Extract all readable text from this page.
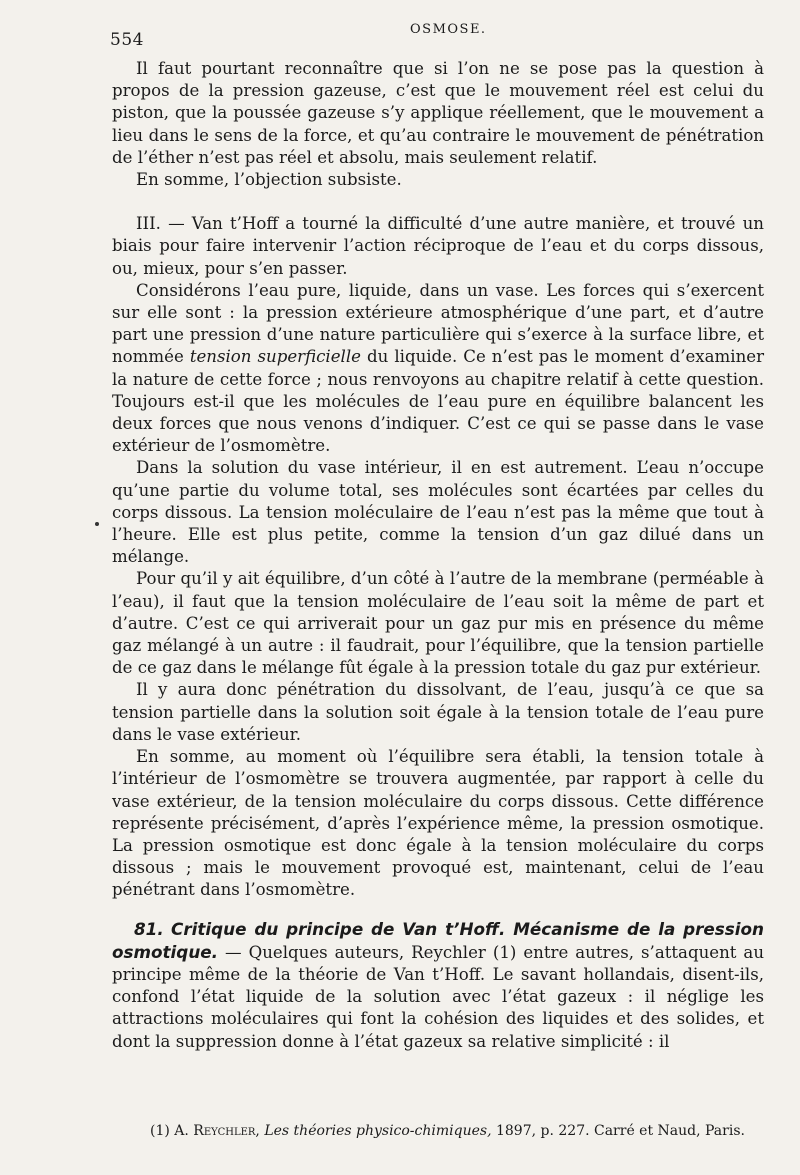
554
OSMOSE.

Il faut pourtant reconnaître que si l’on ne se pose pas la question à propos de la pression gazeuse, c’est que le mouvement réel est celui du piston, que la poussée gazeuse s’y applique réellement, que le mouvement a lieu dans le sens de la force, et qu’au contraire le mouvement de pénétration de l’éther n’est pas réel et absolu, mais seulement relatif.

En somme, l’objection subsiste.

III. — Van t’Hoff a tourné la difficulté d’une autre manière, et trouvé un biais pour faire intervenir l’action réciproque de l’eau et du corps dissous, ou, mieux, pour s’en passer.

Considérons l’eau pure, liquide, dans un vase. Les forces qui s’exercent sur elle sont : la pression extérieure atmosphérique d’une part, et d’autre part une pression d’une nature particulière qui s’exerce à la surface libre, et nommée tension superficielle du liquide. Ce n’est pas le moment d’examiner la nature de cette force ; nous renvoyons au chapitre relatif à cette question. Toujours est-il que les molécules de l’eau pure en équilibre balancent les deux forces que nous venons d’indiquer. C’est ce qui se passe dans le vase extérieur de l’osmomètre.

Dans la solution du vase intérieur, il en est autrement. L’eau n’occupe qu’une partie du volume total, ses molécules sont écartées par celles du corps dissous. La tension moléculaire de l’eau n’est pas la même que tout à l’heure. Elle est plus petite, comme la tension d’un gaz dilué dans un mélange.

Pour qu’il y ait équilibre, d’un côté à l’autre de la membrane (perméable à l’eau), il faut que la tension moléculaire de l’eau soit la même de part et d’autre. C’est ce qui arriverait pour un gaz pur mis en présence du même gaz mélangé à un autre : il faudrait, pour l’équilibre, que la tension partielle de ce gaz dans le mélange fût égale à la pression totale du gaz pur extérieur.

Il y aura donc pénétration du dissolvant, de l’eau, jusqu’à ce que sa tension partielle dans la solution soit égale à la tension totale de l’eau pure dans le vase extérieur.

En somme, au moment où l’équilibre sera établi, la tension totale à l’intérieur de l’osmomètre se trouvera augmentée, par rapport à celle du vase extérieur, de la tension moléculaire du corps dissous. Cette différence représente précisément, d’après l’expérience même, la pression osmotique. La pression osmotique est donc égale à la tension moléculaire du corps dissous ; mais le mouvement provoqué est, maintenant, celui de l’eau pénétrant dans l’osmomètre.

81. Critique du principe de Van t’Hoff. Mécanisme de la pression osmotique. — Quelques auteurs, Reychler (1) entre autres, s’attaquent au principe même de la théorie de Van t’Hoff. Le savant hollandais, disent-ils, confond l’état liquide de la solution avec l’état gazeux : il néglige les attractions moléculaires qui font la cohésion des liquides et des solides, et dont la suppression donne à l’état gazeux sa relative simplicité : il

(1) A. Reychler, Les théories physico-chimiques, 1897, p. 227. Carré et Naud, Paris.
